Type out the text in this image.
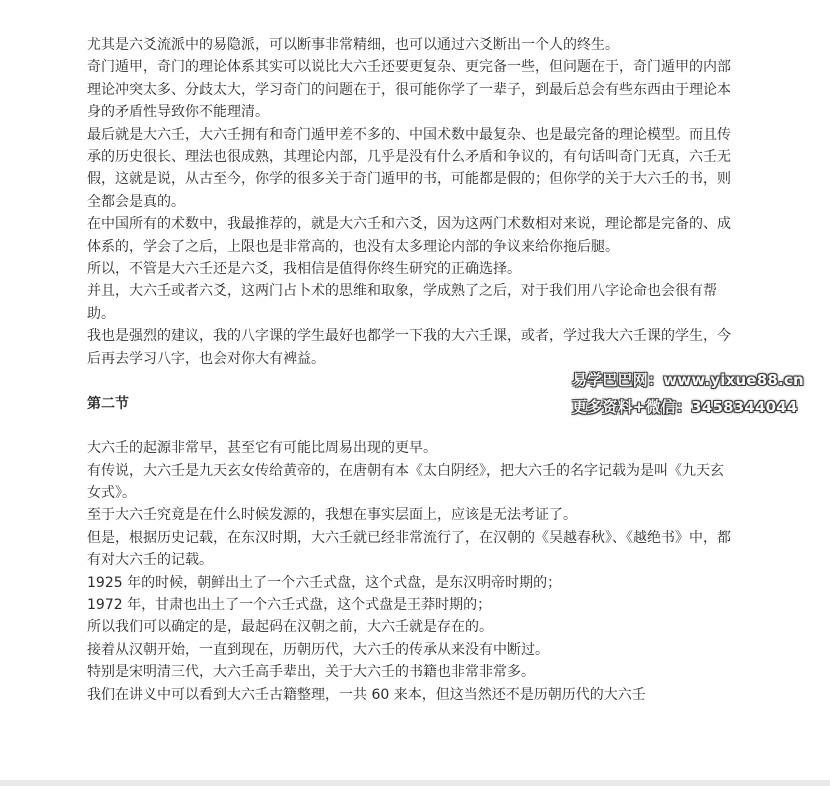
尤其是六爻流派中的易隐派，可以断事非常精细，也可以通过六爻断出一个人的终生。

奇门遁甲，奇门的理论体系其实可以说比大六壬还要更复杂、更完备一些，但问题在于，奇门遁甲的内部理论冲突太多、分歧太大，学习奇门的问题在于，很可能你学了一辈子，到最后总会有些东西由于理论本身的矛盾性导致你不能理清。

最后就是大六壬，大六壬拥有和奇门遁甲差不多的、中国术数中最复杂、也是最完备的理论模型。而且传承的历史很长、理法也很成熟，其理论内部，几乎是没有什么矛盾和争议的，有句话叫奇门无真，六壬无假，这就是说，从古至今，你学的很多关于奇门遁甲的书，可能都是假的；但你学的关于大六壬的书，则全都会是真的。

在中国所有的术数中，我最推荐的，就是大六壬和六爻，因为这两门术数相对来说，理论都是完备的、成体系的，学会了之后，上限也是非常高的，也没有太多理论内部的争议来给你拖后腿。

所以，不管是大六壬还是六爻，我相信是值得你终生研究的正确选择。

并且，大六壬或者六爻，这两门占卜术的思维和取象，学成熟了之后，对于我们用八字论命也会很有帮助。

我也是强烈的建议，我的八字课的学生最好也都学一下我的大六壬课，或者，学过我大六壬课的学生，今后再去学习八字，也会对你大有裨益。

第二节

大六壬的起源非常早，甚至它有可能比周易出现的更早。

有传说，大六壬是九天玄女传给黄帝的，在唐朝有本《太白阴经》，把大六壬的名字记载为是叫《九天玄女式》。

至于大六壬究竟是在什么时候发源的，我想在事实层面上，应该是无法考证了。

但是，根据历史记载，在东汉时期，大六壬就已经非常流行了，在汉朝的《吴越春秋》、《越绝书》中，都有对大六壬的记载。

1925 年的时候，朝鲜出土了一个六壬式盘，这个式盘，是东汉明帝时期的；

1972 年，甘肃也出土了一个六壬式盘，这个式盘是王莽时期的；

所以我们可以确定的是，最起码在汉朝之前，大六壬就是存在的。

接着从汉朝开始，一直到现在，历朝历代，大六壬的传承从来没有中断过。

特别是宋明清三代，大六壬高手辈出，关于大六壬的书籍也非常非常多。

我们在讲义中可以看到大六壬古籍整理，一共 60 来本，但这当然还不是历朝历代的大六壬

易学巴巴网：www.yixue88.cn
更多资料+微信：3458344044
